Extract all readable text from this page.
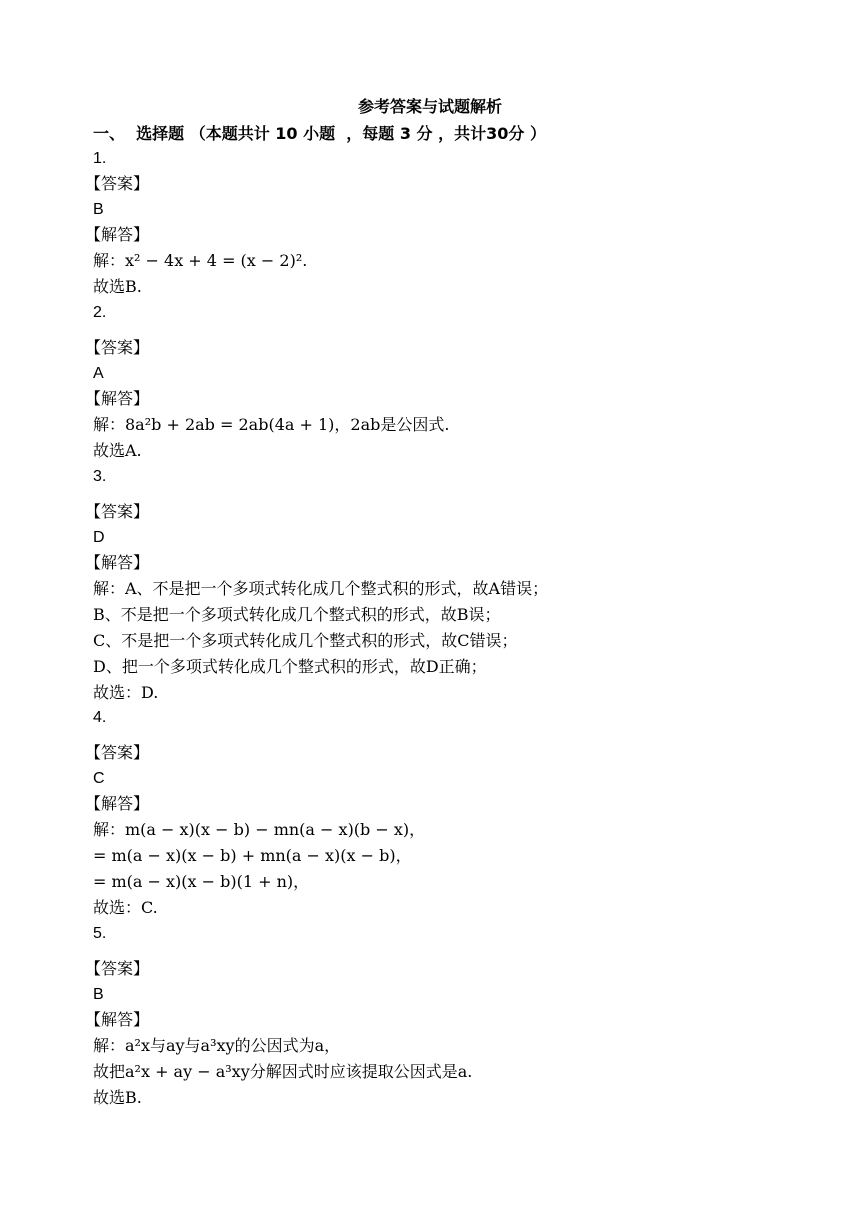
参考答案与试题解析
一、  选择题 （本题共计 10 小题  ，每题 3 分 ，共计30分 ）
1.
【答案】
B
【解答】
解：x² − 4x + 4 = (x − 2)².
故选B.
2.
【答案】
A
【解答】
解：8a²b + 2ab = 2ab(4a + 1)，2ab是公因式.
故选A.
3.
【答案】
D
【解答】
解：A、不是把一个多项式转化成几个整式积的形式，故A错误；
B、不是把一个多项式转化成几个整式积的形式，故B误；
C、不是把一个多项式转化成几个整式积的形式，故C错误；
D、把一个多项式转化成几个整式积的形式，故D正确；
故选：D.
4.
【答案】
C
【解答】
解：m(a − x)(x − b) − mn(a − x)(b − x)，
= m(a − x)(x − b) + mn(a − x)(x − b)，
= m(a − x)(x − b)(1 + n)，
故选：C.
5.
【答案】
B
【解答】
解：a²x与ay与a³xy的公因式为a，
故把a²x + ay − a³xy分解因式时应该提取公因式是a.
故选B.
